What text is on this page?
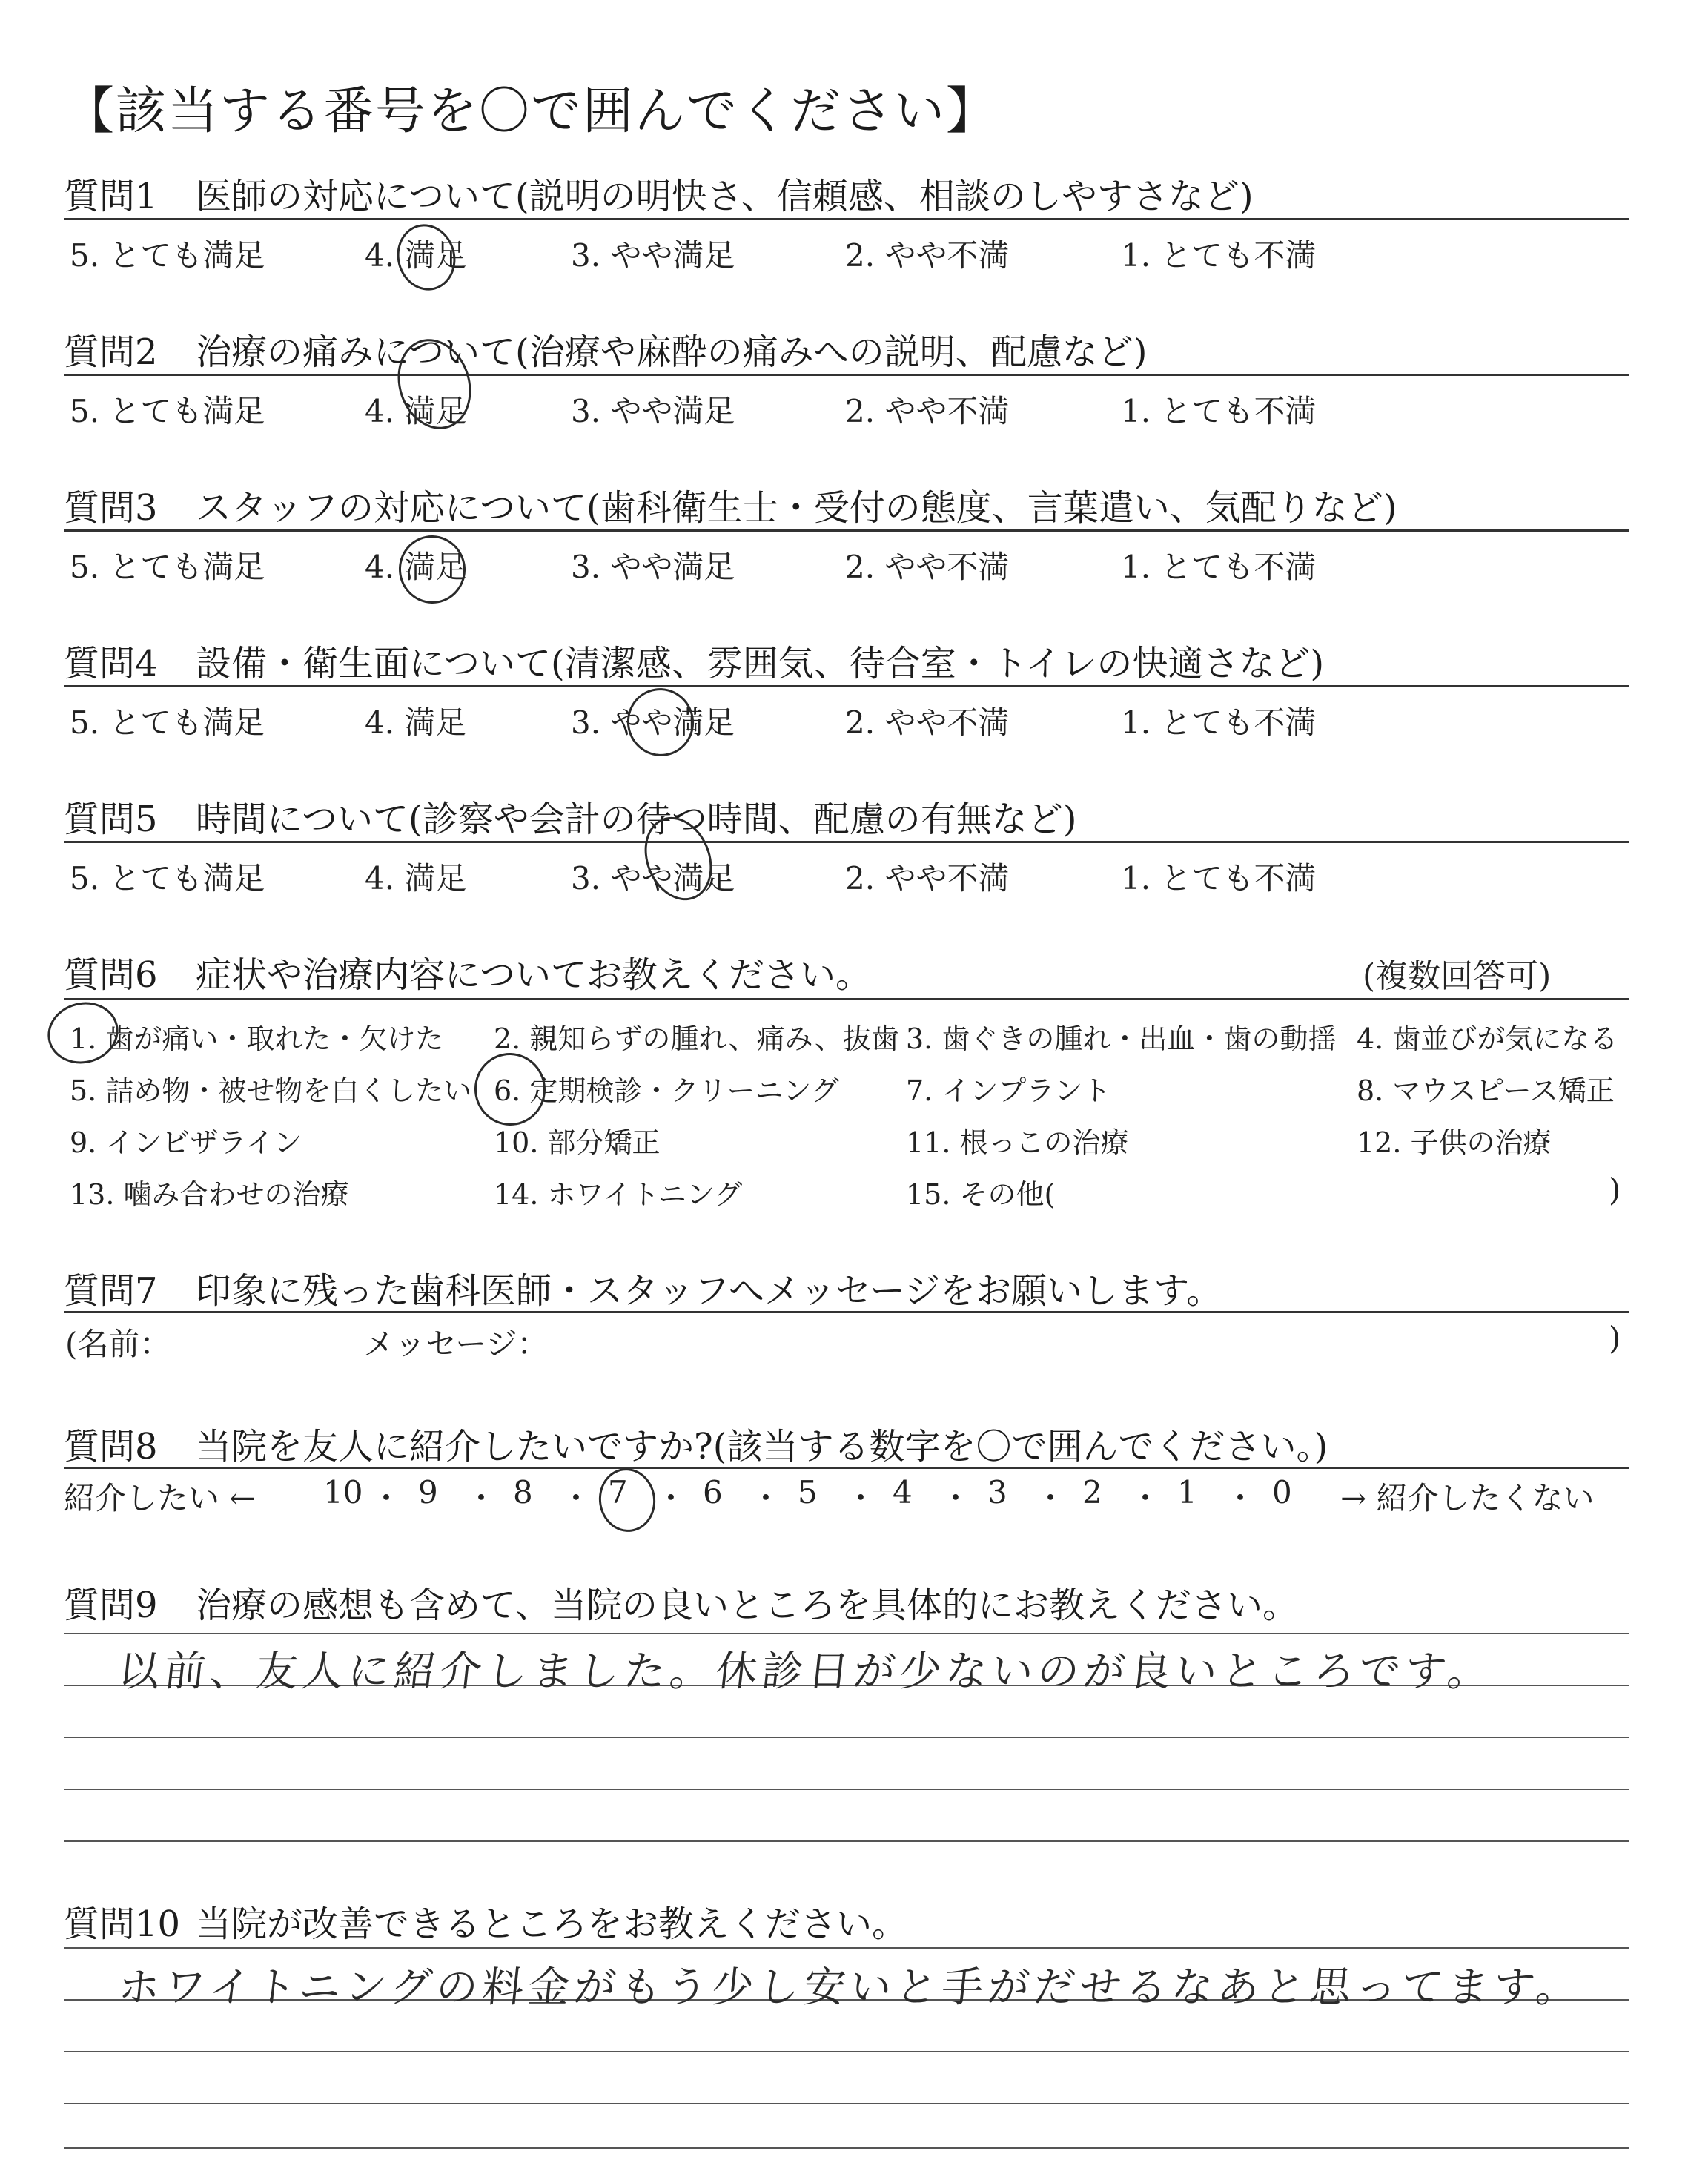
【該当する番号を〇で囲んでください】
質問1 医師の対応について(説明の明快さ、信頼感、相談のしやすさなど)
5. とても満足	4. 満足	3. やや満足	2. やや不満	1. とても不満
質問2 治療の痛みについて(治療や麻酔の痛みへの説明、配慮など)
5. とても満足	4. 満足	3. やや満足	2. やや不満	1. とても不満
質問3 スタッフの対応について(歯科衛生士・受付の態度、言葉遣い、気配りなど)
5. とても満足	4. 満足	3. やや満足	2. やや不満	1. とても不満
質問4 設備・衛生面について(清潔感、雰囲気、待合室・トイレの快適さなど)
5. とても満足	4. 満足	3. やや満足	2. やや不満	1. とても不満
質問5 時間について(診察や会計の待つ時間、配慮の有無など)
5. とても満足	4. 満足	3. やや満足	2. やや不満	1. とても不満
質問6 症状や治療内容についてお教えください。	(複数回答可)
1. 歯が痛い・取れた・欠けた 2. 親知らずの腫れ、痛み、抜歯 3. 歯ぐきの腫れ・出血・歯の動揺 4. 歯並びが気になる
5. 詰め物・被せ物を白くしたい 6. 定期検診・クリーニング 7. インプラント	8. マウスピース矯正
9. インビザライン	10. 部分矯正	11. 根っこの治療	12. 子供の治療
13. 噛み合わせの治療	14. ホワイトニング	15. その他(	)
質問7 印象に残った歯科医師・スタッフへメッセージをお願いします。
(名前：	メッセージ：	)
質問8 当院を友人に紹介したいですか?(該当する数字を〇で囲んでください。)
紹介したい ←	→ 紹介したくない
10 ・ 9 ・ 8 ・ 7 ・ 6 ・ 5 ・ 4 ・ 3 ・ 2 ・ 1 ・ 0
質問9 治療の感想も含めて、当院の良いところを具体的にお教えください。
以前、友人に紹介しました。休診日が少ないのが良いところです。
質問10 当院が改善できるところをお教えください。
ホワイトニングの料金がもう少し安いと手がだせるなあと思ってます。
